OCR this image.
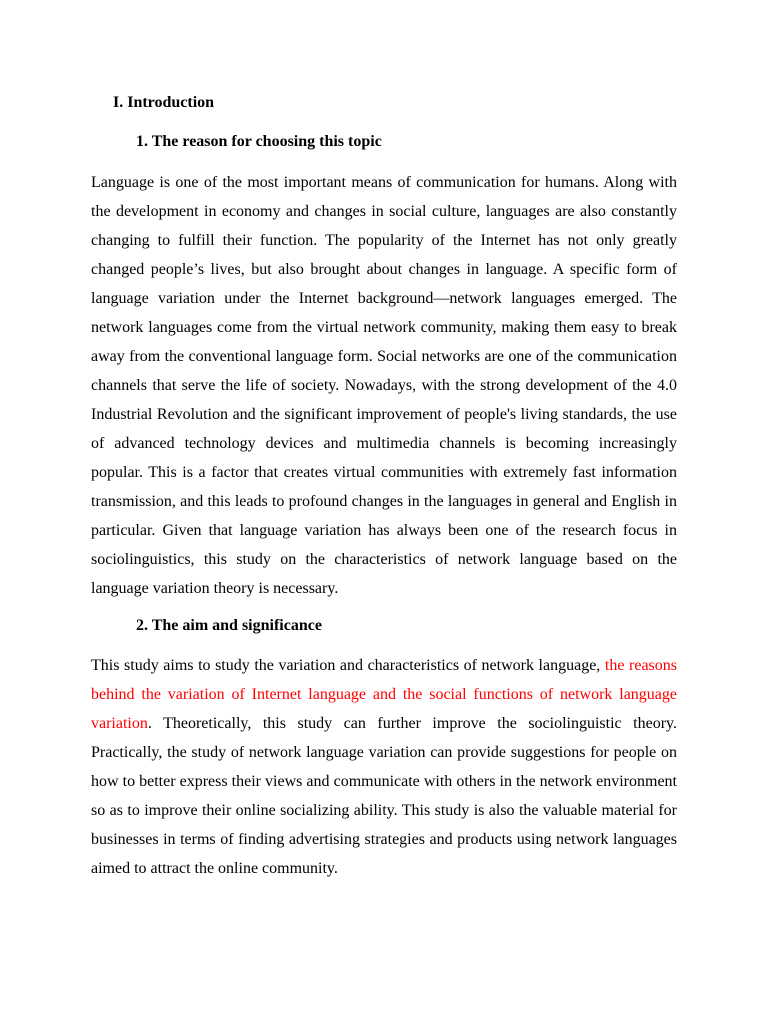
I. Introduction
1. The reason for choosing this topic

Language is one of the most important means of communication for humans. Along with the development in economy and changes in social culture, languages are also constantly changing to fulfill their function. The popularity of the Internet has not only greatly changed people’s lives, but also brought about changes in language. A specific form of language variation under the Internet background—network languages emerged. The network languages come from the virtual network community, making them easy to break away from the conventional language form. Social networks are one of the communication channels that serve the life of society. Nowadays, with the strong development of the 4.0 Industrial Revolution and the significant improvement of people's living standards, the use of advanced technology devices and multimedia channels is becoming increasingly popular. This is a factor that creates virtual communities with extremely fast information transmission, and this leads to profound changes in the languages in general and English in particular. Given that language variation has always been one of the research focus in sociolinguistics, this study on the characteristics of network language based on the language variation theory is necessary.

2. The aim and significance

This study aims to study the variation and characteristics of network language, the reasons behind the variation of Internet language and the social functions of network language variation. Theoretically, this study can further improve the sociolinguistic theory. Practically, the study of network language variation can provide suggestions for people on how to better express their views and communicate with others in the network environment so as to improve their online socializing ability. This study is also the valuable material for businesses in terms of finding advertising strategies and products using network languages aimed to attract the online community.
